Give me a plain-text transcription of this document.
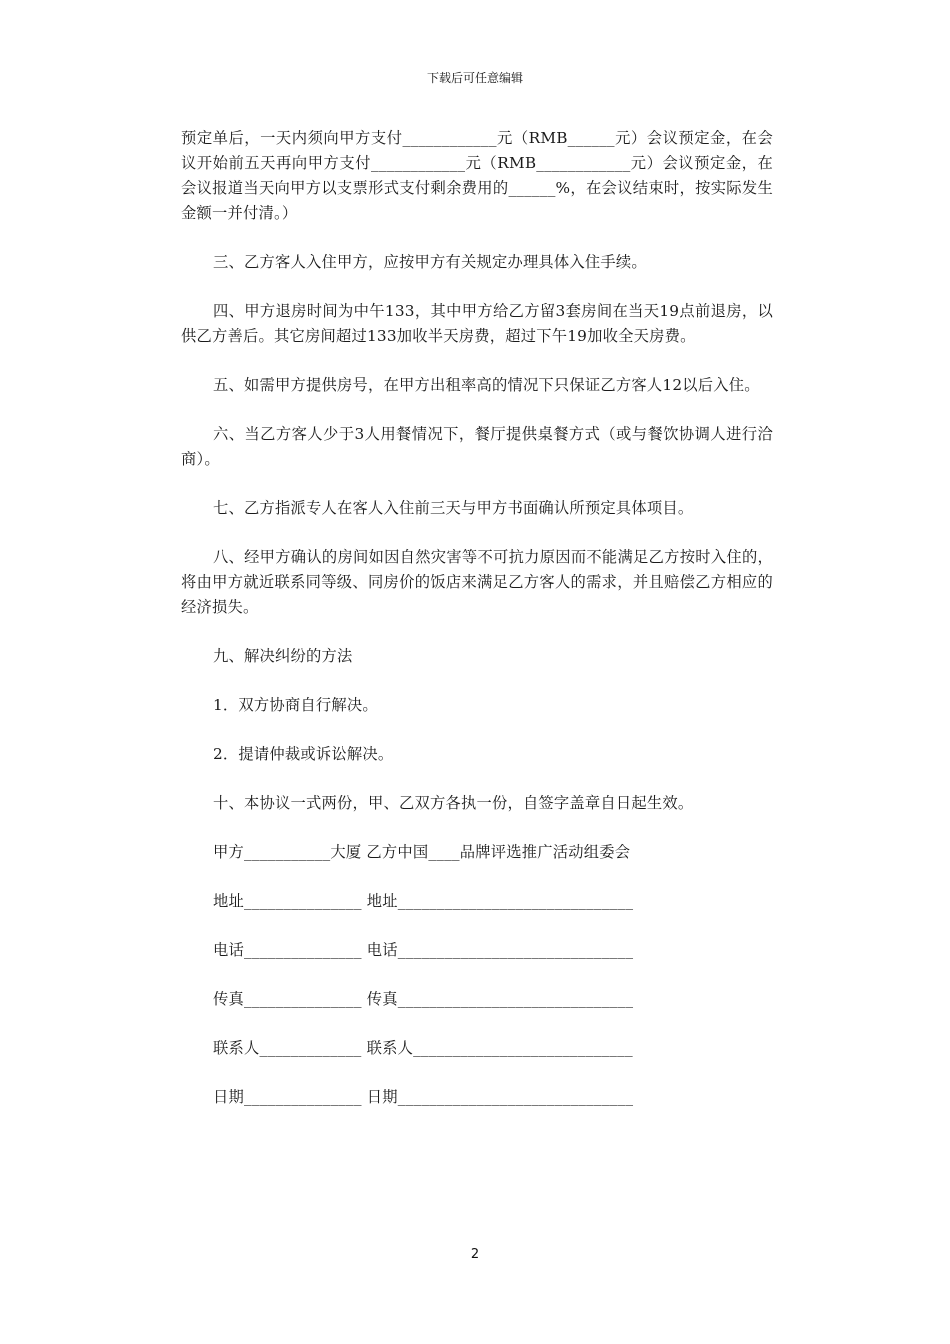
下载后可任意编辑

预定单后，一天内须向甲方支付____________元（RMB______元）会议预定金，在会议开始前五天再向甲方支付____________元（RMB____________元）会议预定金，在会议报道当天向甲方以支票形式支付剩余费用的______%，在会议结束时，按实际发生金额一并付清。）

三、乙方客人入住甲方，应按甲方有关规定办理具体入住手续。

四、甲方退房时间为中午133，其中甲方给乙方留3套房间在当天19点前退房，以供乙方善后。其它房间超过133加收半天房费，超过下午19加收全天房费。

五、如需甲方提供房号，在甲方出租率高的情况下只保证乙方客人12以后入住。

六、当乙方客人少于3人用餐情况下，餐厅提供桌餐方式（或与餐饮协调人进行洽商）。

七、乙方指派专人在客人入住前三天与甲方书面确认所预定具体项目。

八、经甲方确认的房间如因自然灾害等不可抗力原因而不能满足乙方按时入住的，将由甲方就近联系同等级、同房价的饭店来满足乙方客人的需求，并且赔偿乙方相应的经济损失。

九、解决纠纷的方法

1．双方协商自行解决。

2．提请仲裁或诉讼解决。

十、本协议一式两份，甲、乙双方各执一份，自签字盖章自日起生效。

甲方___________大厦 乙方中国____品牌评选推广活动组委会

地址_______________ 地址______________________________

电话_______________ 电话______________________________

传真_______________ 传真______________________________

联系人_____________ 联系人____________________________

日期_______________ 日期______________________________

2
